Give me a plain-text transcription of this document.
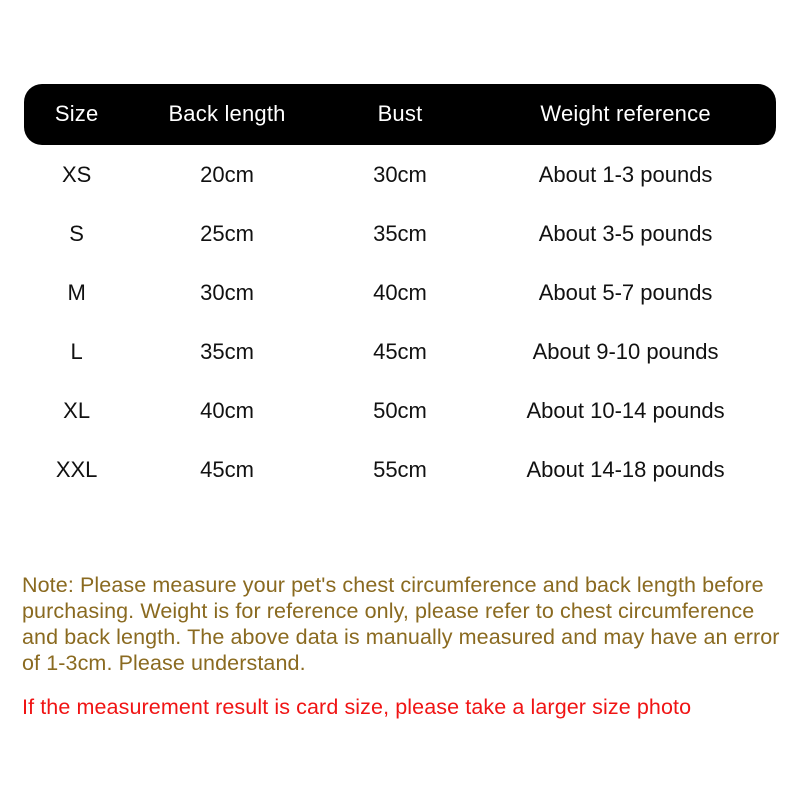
Size	Back length	Bust	Weight reference
XS	20cm	30cm	About 1-3 pounds
S	25cm	35cm	About 3-5 pounds
M	30cm	40cm	About 5-7 pounds
L	35cm	45cm	About 9-10 pounds
XL	40cm	50cm	About 10-14 pounds
XXL	45cm	55cm	About 14-18 pounds
Note: Please measure your pet's chest circumference and back length before purchasing. Weight is for reference only, please refer to chest circumference and back length. The above data is manually measured and may have an error of 1-3cm. Please understand.
If the measurement result is card size, please take a larger size photo
